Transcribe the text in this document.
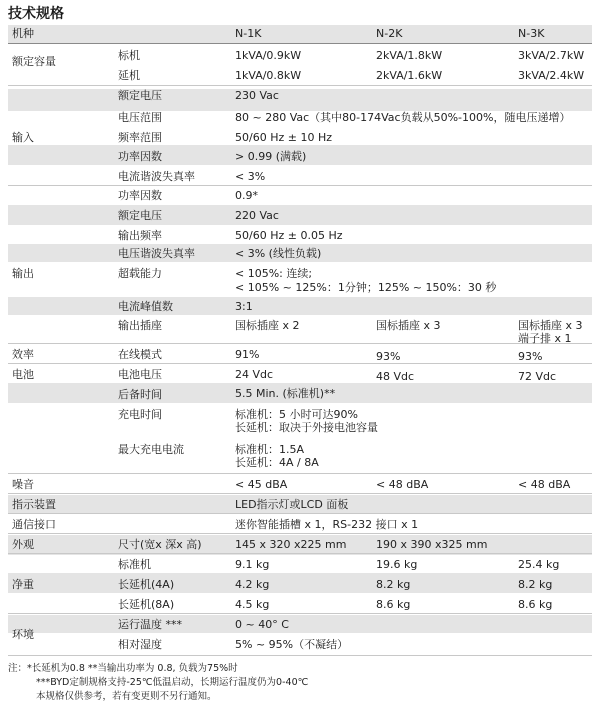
技术规格
机种	N-1K	N-2K	N-3K
额定容量	标机	1kVA/0.9kW	2kVA/1.8kW	3kVA/2.7kW
延机	1kVA/0.8kW	2kVA/1.6kW	3kVA/2.4kW
输入
额定电压	230 Vac
电压范围	80 ~ 280 Vac（其中80-174Vac负载从50%-100%，随电压递增）
频率范围	50/60 Hz ± 10 Hz
功率因数	> 0.99 (满载)
电流谐波失真率	< 3%
输出
功率因数	0.9*
额定电压	220 Vac
输出频率	50/60 Hz ± 0.05 Hz
电压谐波失真率	< 3% (线性负载)
超载能力	< 105%: 连续;
< 105% ~ 125%：1分钟；125% ~ 150%：30 秒
电流峰值数	3:1
输出插座	国标插座 x 2	国标插座 x 3	国标插座 x 3
端子排 x 1
效率	在线模式	91%	93%	93%
电池	电池电压	24 Vdc	48 Vdc	72 Vdc
后备时间	5.5 Min. (标准机)**
充电时间	标准机：5 小时可达90%
长延机：取决于外接电池容量
最大充电电流	标准机：1.5A
长延机：4A / 8A
噪音	< 45 dBA	< 48 dBA	< 48 dBA
指示装置	LED指示灯或LCD 面板
通信接口	迷你智能插槽 x 1，RS-232 接口 x 1
外观	尺寸(宽x 深x 高)	145 x 320 x225 mm	190 x 390 x325 mm
净重
标准机	9.1 kg	19.6 kg	25.4 kg
长延机(4A)	4.2 kg	8.2 kg	8.2 kg
长延机(8A)	4.5 kg	8.6 kg	8.6 kg
环境
运行温度 ***	0 ~ 40° C
相对湿度	5% ~ 95%（不凝结）
注：*长延机为0.8 **当输出功率为 0.8, 负载为75%时
***BYD定制规格支持-25℃低温启动，长期运行温度仍为0-40℃
本规格仅供参考，若有变更则不另行通知。
